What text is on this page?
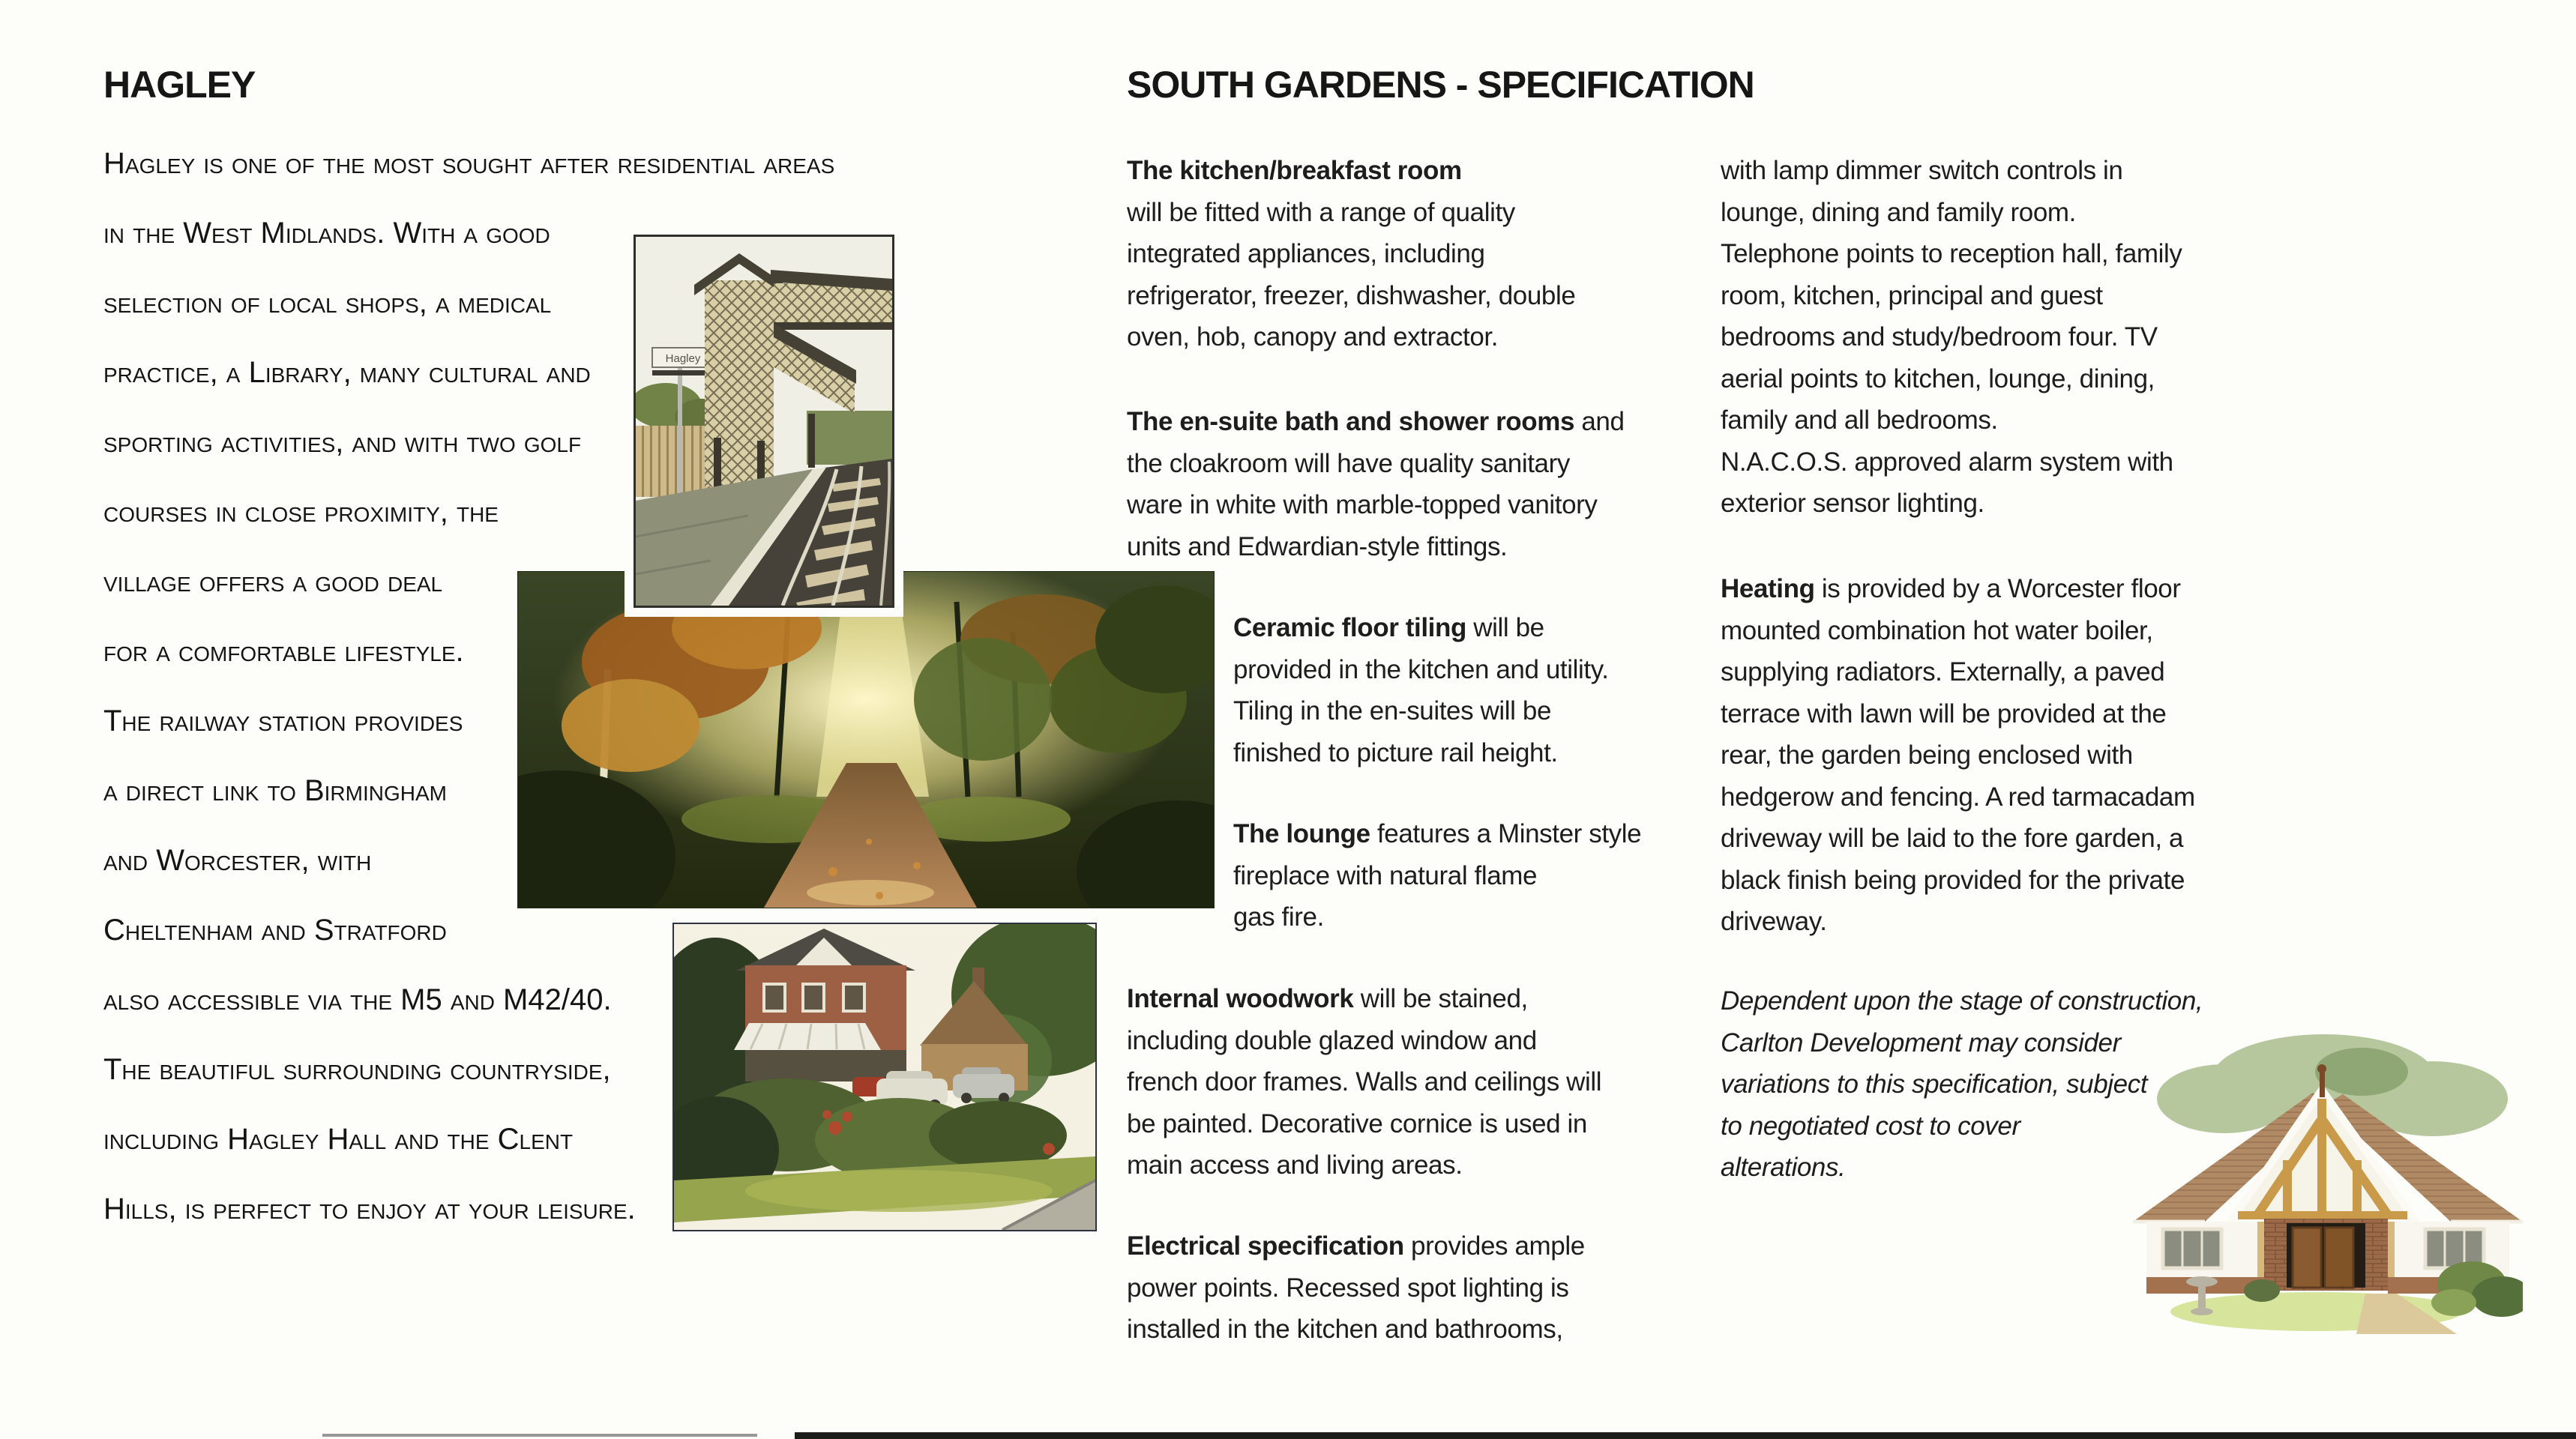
HAGLEY	SOUTH GARDENS - SPECIFICATION
Hagley is one of the most sought after residential areas
in the West Midlands. With a good
selection of local shops, a medical
practice, a Library, many cultural and
sporting activities, and with two golf
courses in close proximity, the
village offers a good deal
for a comfortable lifestyle.
The railway station provides
a direct link to Birmingham
and Worcester, with
Cheltenham and Stratford
also accessible via the M5 and M42/40.
The beautiful surrounding countryside,
including Hagley Hall and the Clent
Hills, is perfect to enjoy at your leisure.
The kitchen/breakfast room
will be fitted with a range of quality
integrated appliances, including
refrigerator, freezer, dishwasher, double
oven, hob, canopy and extractor.
The en-suite bath and shower rooms and
the cloakroom will have quality sanitary
ware in white with marble-topped vanitory
units and Edwardian-style fittings.
Ceramic floor tiling will be
provided in the kitchen and utility.
Tiling in the en-suites will be
finished to picture rail height.
The lounge features a Minster style
fireplace with natural flame
gas fire.
Internal woodwork will be stained,
including double glazed window and
french door frames. Walls and ceilings will
be painted. Decorative cornice is used in
main access and living areas.
Electrical specification provides ample
power points. Recessed spot lighting is
installed in the kitchen and bathrooms,
with lamp dimmer switch controls in
lounge, dining and family room.
Telephone points to reception hall, family
room, kitchen, principal and guest
bedrooms and study/bedroom four. TV
aerial points to kitchen, lounge, dining,
family and all bedrooms.
N.A.C.O.S. approved alarm system with
exterior sensor lighting.
Heating is provided by a Worcester floor
mounted combination hot water boiler,
supplying radiators. Externally, a paved
terrace with lawn will be provided at the
rear, the garden being enclosed with
hedgerow and fencing. A red tarmacadam
driveway will be laid to the fore garden, a
black finish being provided for the private
driveway.
Dependent upon the stage of construction,
Carlton Development may consider
variations to this specification, subject
to negotiated cost to cover
alterations.
Hagley
